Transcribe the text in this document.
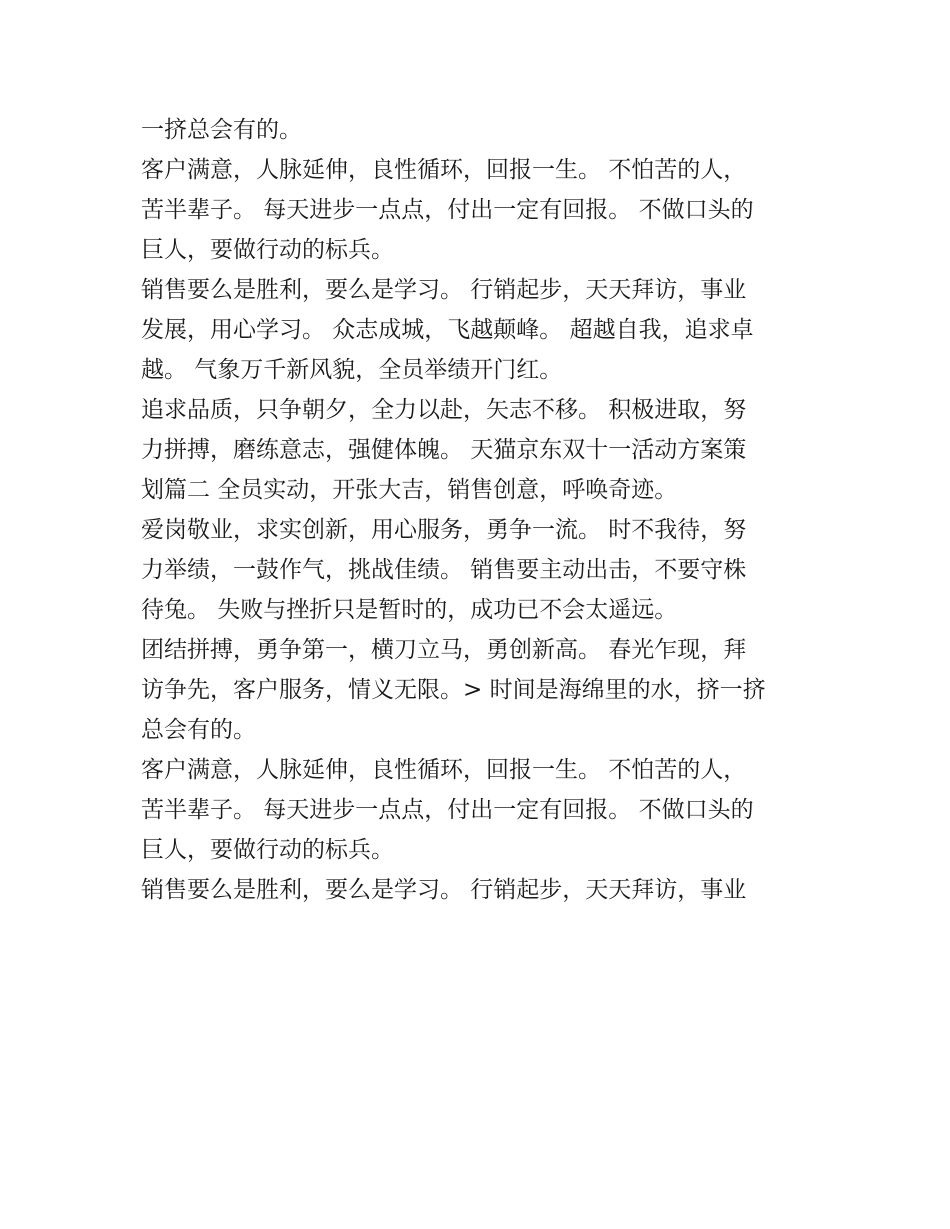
一挤总会有的。

客户满意，人脉延伸，良性循环，回报一生。 不怕苦的人，

苦半辈子。 每天进步一点点，付出一定有回报。 不做口头的

巨人，要做行动的标兵。

销售要么是胜利，要么是学习。 行销起步，天天拜访，事业

发展，用心学习。 众志成城，飞越颠峰。 超越自我，追求卓

越。 气象万千新风貌，全员举绩开门红。

追求品质，只争朝夕，全力以赴，矢志不移。 积极进取，努

力拼搏，磨练意志，强健体魄。 天猫京东双十一活动方案策

划篇二 全员实动，开张大吉，销售创意，呼唤奇迹。

爱岗敬业，求实创新，用心服务，勇争一流。 时不我待，努

力举绩，一鼓作气，挑战佳绩。 销售要主动出击，不要守株

待兔。 失败与挫折只是暂时的，成功已不会太遥远。

团结拼搏，勇争第一，横刀立马，勇创新高。 春光乍现，拜

访争先，客户服务，情义无限。> 时间是海绵里的水，挤一挤

总会有的。

客户满意，人脉延伸，良性循环，回报一生。 不怕苦的人，

苦半辈子。 每天进步一点点，付出一定有回报。 不做口头的

巨人，要做行动的标兵。

销售要么是胜利，要么是学习。 行销起步，天天拜访，事业
